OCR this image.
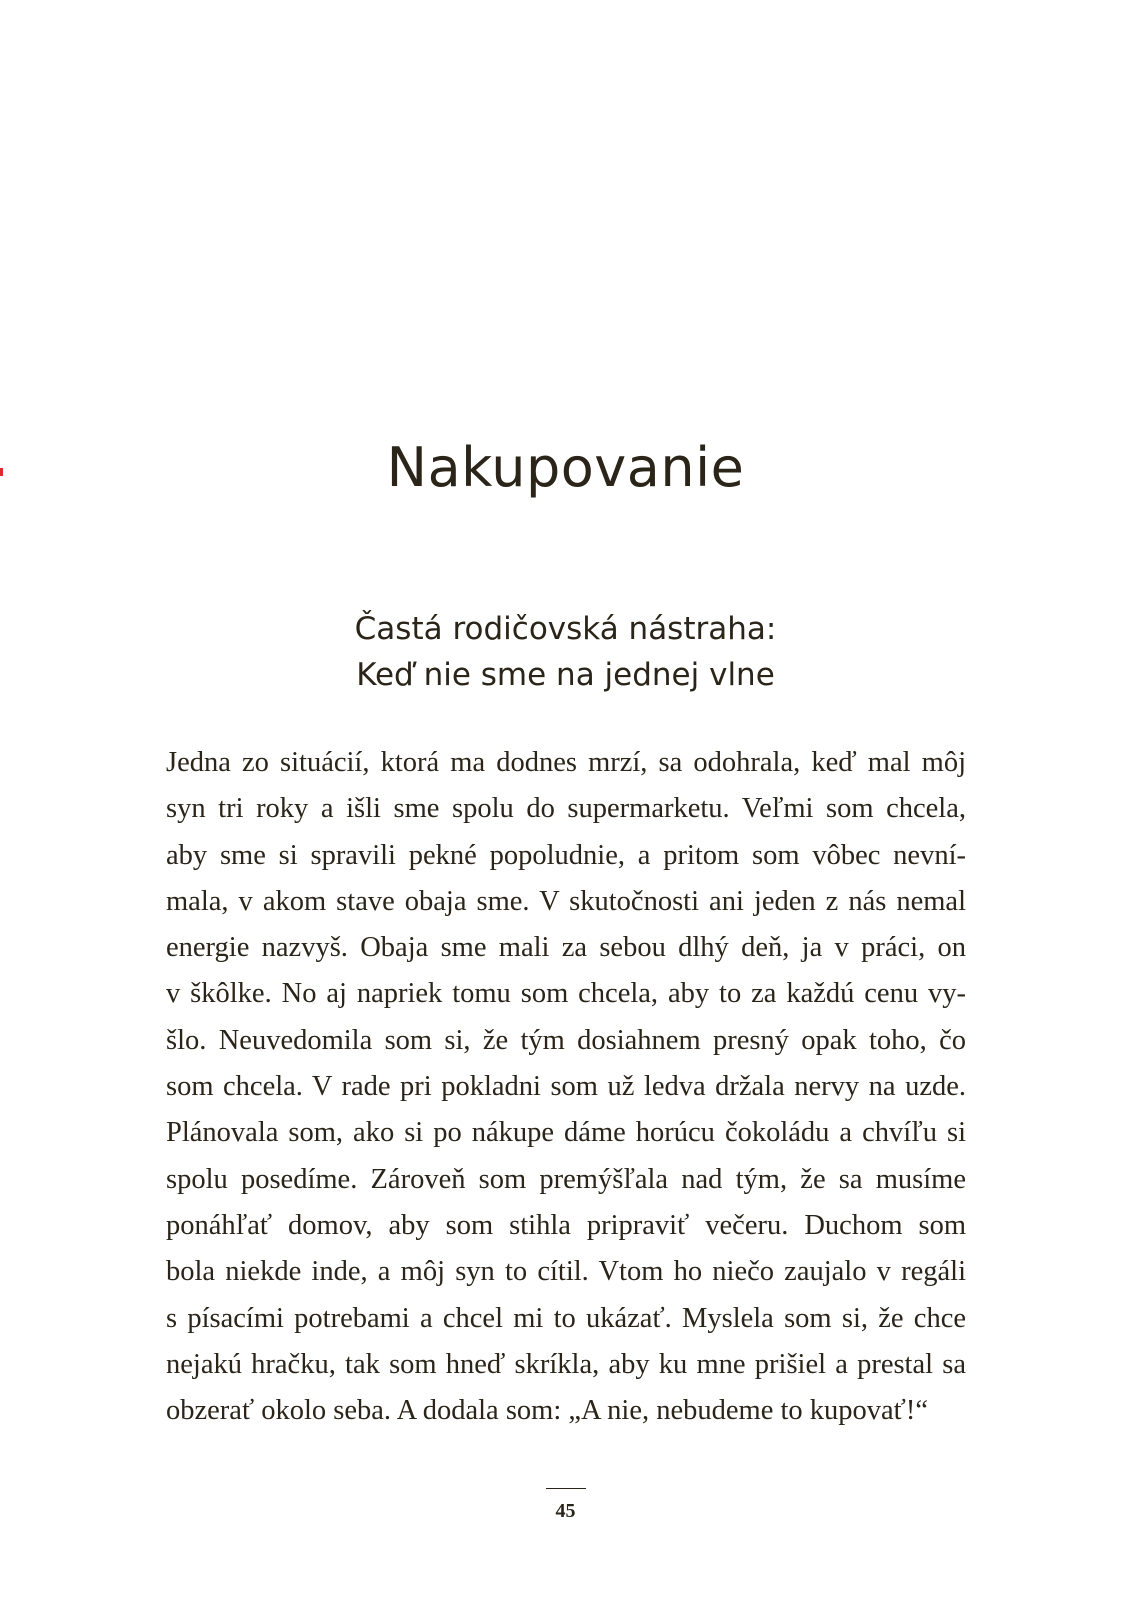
Nakupovanie
Častá rodičovská nástraha:
Keď nie sme na jednej vlne
Jedna zo situácií, ktorá ma dodnes mrzí, sa odohrala, keď mal môj
syn tri roky a išli sme spolu do supermarketu. Veľmi som chcela,
aby sme si spravili pekné popoludnie, a pritom som vôbec nevní-
mala, v akom stave obaja sme. V skutočnosti ani jeden z nás nemal
energie nazvyš. Obaja sme mali za sebou dlhý deň, ja v práci, on
v škôlke. No aj napriek tomu som chcela, aby to za každú cenu vy-
šlo. Neuvedomila som si, že tým dosiahnem presný opak toho, čo
som chcela. V rade pri pokladni som už ledva držala nervy na uzde.
Plánovala som, ako si po nákupe dáme horúcu čokoládu a chvíľu si
spolu posedíme. Zároveň som premýšľala nad tým, že sa musíme
ponáhľať domov, aby som stihla pripraviť večeru. Duchom som
bola niekde inde, a môj syn to cítil. Vtom ho niečo zaujalo v regáli
s písacími potrebami a chcel mi to ukázať. Myslela som si, že chce
nejakú hračku, tak som hneď skríkla, aby ku mne prišiel a prestal sa
obzerať okolo seba. A dodala som: „A nie, nebudeme to kupovať!“
45
